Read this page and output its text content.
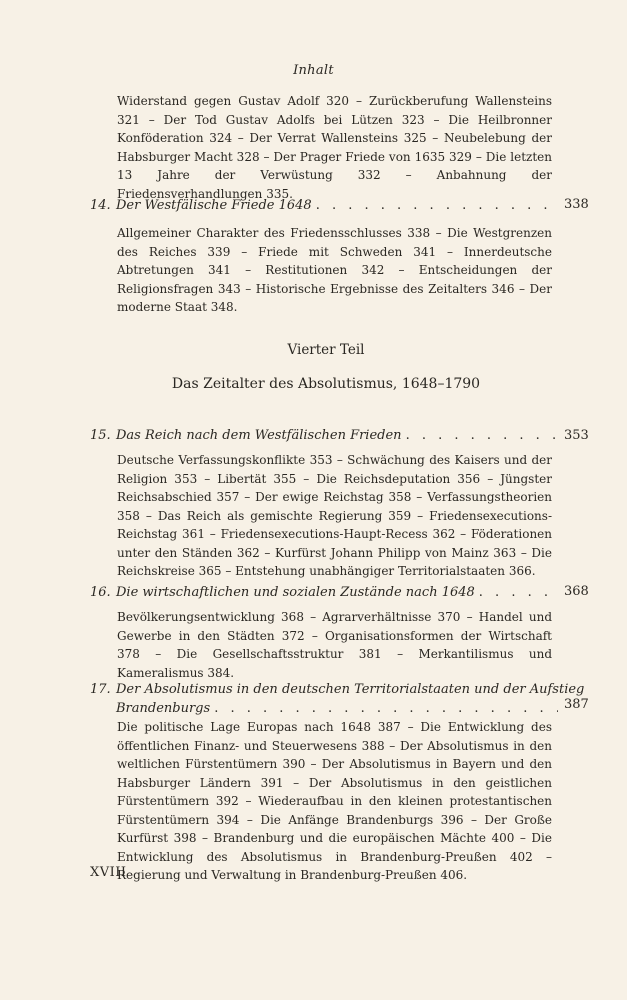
Inhalt
Widerstand gegen Gustav Adolf 320 – Zurückberufung Wallensteins 321 – Der Tod Gustav Adolfs bei Lützen 323 – Die Heilbronner Konföderation 324 – Der Verrat Wallensteins 325 – Neubelebung der Habsburger Macht 328 – Der Prager Friede von 1635 329 – Die letzten 13 Jahre der Verwüstung 332 – Anbahnung der Friedensverhandlungen 335.
14. Der Westfälische Friede 1648 . . .	338
Allgemeiner Charakter des Friedensschlusses 338 – Die Westgrenzen des Reiches 339 – Friede mit Schweden 341 – Innerdeutsche Abtretungen 341 – Restitutionen 342 – Entscheidungen der Religionsfragen 343 – Historische Ergebnisse des Zeitalters 346 – Der moderne Staat 348.
Vierter Teil
Das Zeitalter des Absolutismus, 1648–1790
15. Das Reich nach dem Westfälischen Frieden . . .	353
Deutsche Verfassungskonflikte 353 – Schwächung des Kaisers und der Religion 353 – Libertät 355 – Die Reichsdeputation 356 – Jüngster Reichsabschied 357 – Der ewige Reichstag 358 – Verfassungstheorien 358 – Das Reich als gemischte Regierung 359 – Friedensexecutions-Reichstag 361 – Friedensexecutions-Haupt-Recess 362 – Föderationen unter den Ständen 362 – Kurfürst Johann Philipp von Mainz 363 – Die Reichskreise 365 – Entstehung unabhängiger Territorialstaaten 366.
16. Die wirtschaftlichen und sozialen Zustände nach 1648 . . .	368
Bevölkerungsentwicklung 368 – Agrarverhältnisse 370 – Handel und Gewerbe in den Städten 372 – Organisationsformen der Wirtschaft 378 – Die Gesellschaftsstruktur 381 – Merkantilismus und Kameralismus 384.
17. Der Absolutismus in den deutschen Territorialstaaten und der Aufstieg
Brandenburgs . . .	387
Die politische Lage Europas nach 1648 387 – Die Entwicklung des öffentlichen Finanz- und Steuerwesens 388 – Der Absolutismus in den weltlichen Fürstentümern 390 – Der Absolutismus in Bayern und den Habsburger Ländern 391 – Der Absolutismus in den geistlichen Fürstentümern 392 – Wiederaufbau in den kleinen protestantischen Fürstentümern 394 – Die Anfänge Brandenburgs 396 – Der Große Kurfürst 398 – Brandenburg und die europäischen Mächte 400 – Die Entwicklung des Absolutismus in Brandenburg-Preußen 402 – Regierung und Verwaltung in Brandenburg-Preußen 406.
XVIII
